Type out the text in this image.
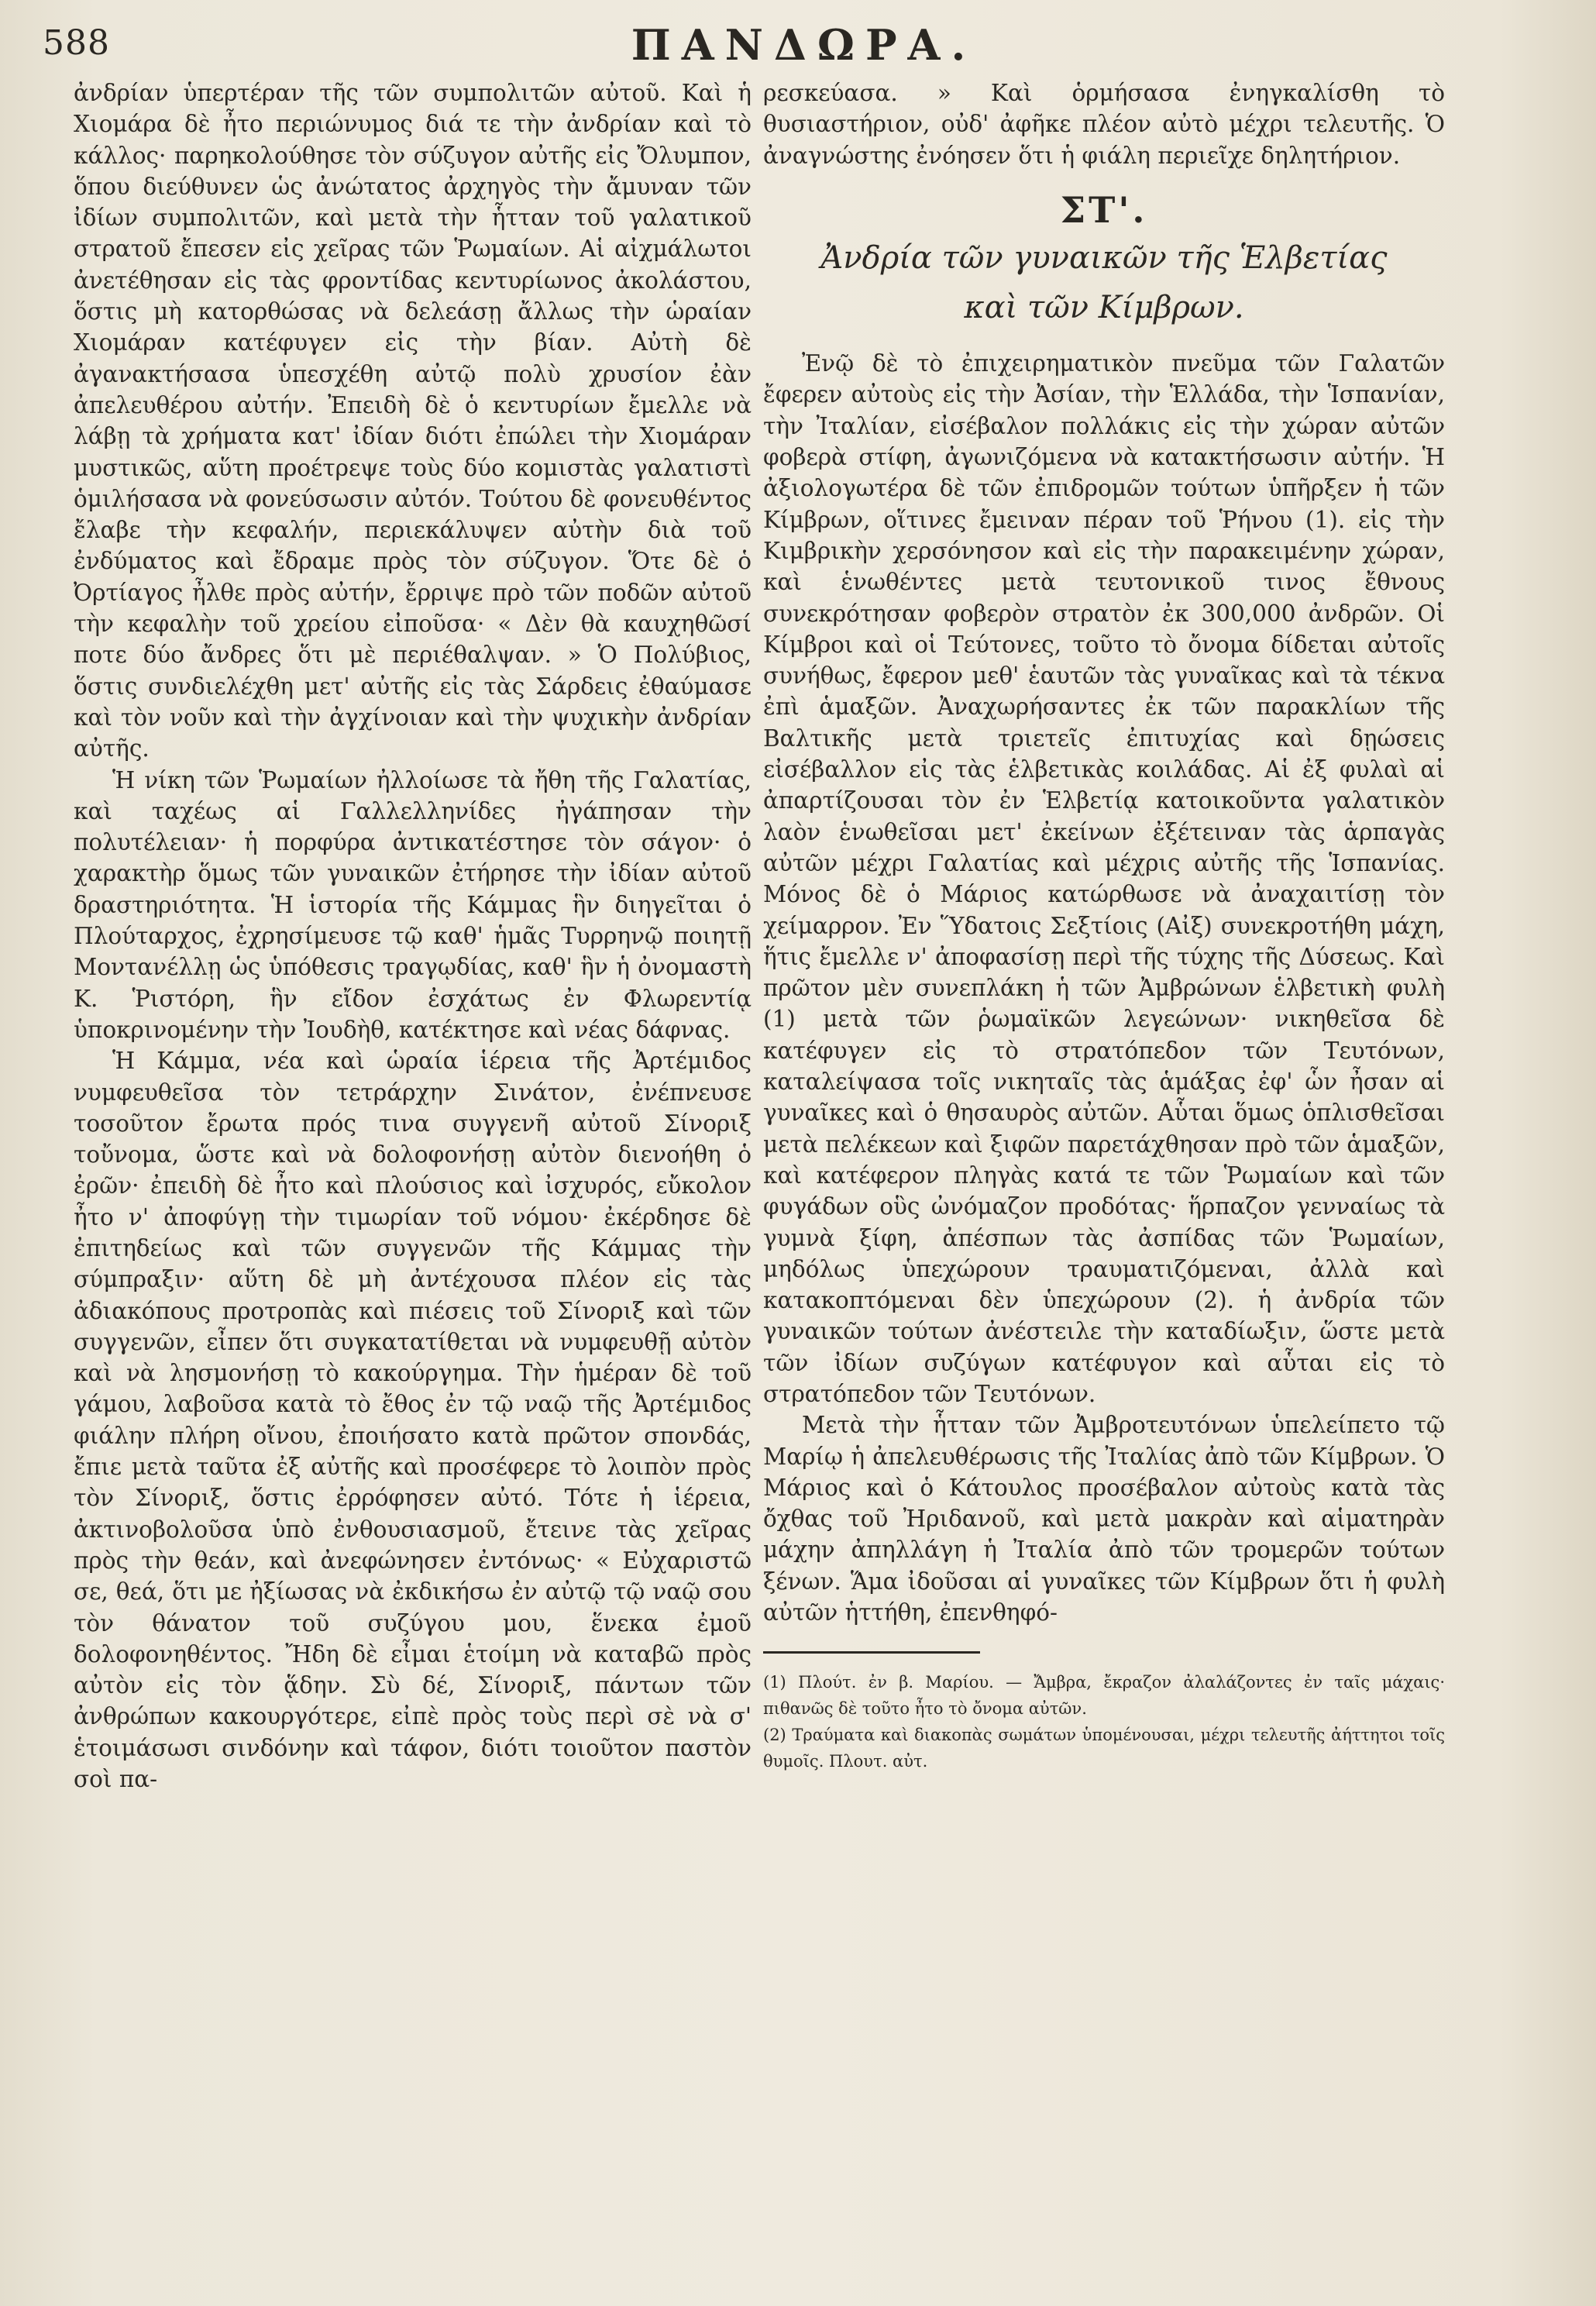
588	ΠΑΝΔΩΡΑ.

ἀνδρίαν ὑπερτέραν τῆς τῶν συμπολιτῶν αὐτοῦ. Καὶ ἡ Χιομάρα δὲ ἦτο περιώνυμος διά τε τὴν ἀνδρίαν καὶ τὸ κάλλος· παρηκολούθησε τὸν σύζυγον αὐτῆς εἰς Ὄλυμπον, ὅπου διεύθυνεν ὡς ἀνώτατος ἀρχηγὸς τὴν ἄμυναν τῶν ἰδίων συμπολιτῶν, καὶ μετὰ τὴν ἧτταν τοῦ γαλατικοῦ στρατοῦ ἔπεσεν εἰς χεῖρας τῶν Ῥωμαίων. Αἱ αἰχμάλωτοι ἀνετέθησαν εἰς τὰς φροντίδας κεντυρίωνος ἀκολάστου, ὅστις μὴ κατορθώσας νὰ δελεάσῃ ἄλλως τὴν ὡραίαν Χιομάραν κατέφυγεν εἰς τὴν βίαν. Αὐτὴ δὲ ἀγανακτήσασα ὑπεσχέθη αὐτῷ πολὺ χρυσίον ἐὰν ἀπελευθέρου αὐτήν. Ἐπειδὴ δὲ ὁ κεντυρίων ἔμελλε νὰ λάβῃ τὰ χρήματα κατ' ἰδίαν διότι ἐπώλει τὴν Χιομάραν μυστικῶς, αὕτη προέτρεψε τοὺς δύο κομιστὰς γαλατιστὶ ὁμιλήσασα νὰ φονεύσωσιν αὐτόν. Τούτου δὲ φονευθέντος ἔλαβε τὴν κεφαλήν, περιεκάλυψεν αὐτὴν διὰ τοῦ ἐνδύματος καὶ ἔδραμε πρὸς τὸν σύζυγον. Ὅτε δὲ ὁ Ὀρτίαγος ἦλθε πρὸς αὐτήν, ἔρριψε πρὸ τῶν ποδῶν αὐτοῦ τὴν κεφαλὴν τοῦ χρείου εἰποῦσα· « Δὲν θὰ καυχηθῶσί ποτε δύο ἄνδρες ὅτι μὲ περιέθαλψαν. » Ὁ Πολύβιος, ὅστις συνδιελέχθη μετ' αὐτῆς εἰς τὰς Σάρδεις ἐθαύμασε καὶ τὸν νοῦν καὶ τὴν ἀγχίνοιαν καὶ τὴν ψυχικὴν ἀνδρίαν αὐτῆς.

Ἡ νίκη τῶν Ῥωμαίων ἠλλοίωσε τὰ ἤθη τῆς Γαλατίας, καὶ ταχέως αἱ Γαλλελληνίδες ἠγάπησαν τὴν πολυτέλειαν· ἡ πορφύρα ἀντικατέστησε τὸν σάγον· ὁ χαρακτὴρ ὅμως τῶν γυναικῶν ἐτήρησε τὴν ἰδίαν αὐτοῦ δραστηριότητα. Ἡ ἱστορία τῆς Κάμμας ἣν διηγεῖται ὁ Πλούταρχος, ἐχρησίμευσε τῷ καθ' ἡμᾶς Τυρρηνῷ ποιητῇ Μοντανέλλῃ ὡς ὑπόθεσις τραγῳδίας, καθ' ἣν ἡ ὀνομαστὴ Κ. Ῥιστόρη, ἣν εἴδον ἐσχάτως ἐν Φλωρεντίᾳ ὑποκρινομένην τὴν Ἰουδὴθ, κατέκτησε καὶ νέας δάφνας.

Ἡ Κάμμα, νέα καὶ ὡραία ἱέρεια τῆς Ἀρτέμιδος νυμφευθεῖσα τὸν τετράρχην Σινάτον, ἐνέπνευσε τοσοῦτον ἔρωτα πρός τινα συγγενῆ αὐτοῦ Σίνοριξ τοὔνομα, ὥστε καὶ νὰ δολοφονήσῃ αὐτὸν διενοήθη ὁ ἐρῶν· ἐπειδὴ δὲ ἦτο καὶ πλούσιος καὶ ἰσχυρός, εὔκολον ἦτο ν' ἀποφύγῃ τὴν τιμωρίαν τοῦ νόμου· ἐκέρδησε δὲ ἐπιτηδείως καὶ τῶν συγγενῶν τῆς Κάμμας τὴν σύμπραξιν· αὕτη δὲ μὴ ἀντέχουσα πλέον εἰς τὰς ἀδιακόπους προτροπὰς καὶ πιέσεις τοῦ Σίνοριξ καὶ τῶν συγγενῶν, εἶπεν ὅτι συγκατατίθεται νὰ νυμφευθῇ αὐτὸν καὶ νὰ λησμονήσῃ τὸ κακούργημα. Τὴν ἡμέραν δὲ τοῦ γάμου, λαβοῦσα κατὰ τὸ ἔθος ἐν τῷ ναῷ τῆς Ἀρτέμιδος φιάλην πλήρη οἴνου, ἐποιήσατο κατὰ πρῶτον σπονδάς, ἔπιε μετὰ ταῦτα ἐξ αὐτῆς καὶ προσέφερε τὸ λοιπὸν πρὸς τὸν Σίνοριξ, ὅστις ἐρρόφησεν αὐτό. Τότε ἡ ἱέρεια, ἀκτινοβολοῦσα ὑπὸ ἐνθουσιασμοῦ, ἔτεινε τὰς χεῖρας πρὸς τὴν θεάν, καὶ ἀνεφώνησεν ἐντόνως· « Εὐχαριστῶ σε, θεά, ὅτι με ἠξίωσας νὰ ἐκδικήσω ἐν αὐτῷ τῷ ναῷ σου τὸν θάνατον τοῦ συζύγου μου, ἕνεκα ἐμοῦ δολοφονηθέντος. Ἤδη δὲ εἶμαι ἑτοίμη νὰ καταβῶ πρὸς αὐτὸν εἰς τὸν ᾅδην. Σὺ δέ, Σίνοριξ, πάντων τῶν ἀνθρώπων κακουργότερε, εἰπὲ πρὸς τοὺς περὶ σὲ νὰ σ' ἑτοιμάσωσι σινδόνην καὶ τάφον, διότι τοιοῦτον παστὸν σοὶ πα-

ρεσκεύασα. » Καὶ ὁρμήσασα ἐνηγκαλίσθη τὸ θυσιαστήριον, οὐδ' ἀφῆκε πλέον αὐτὸ μέχρι τελευτῆς. Ὁ ἀναγνώστης ἐνόησεν ὅτι ἡ φιάλη περιεῖχε δηλητήριον.

ΣΤ'.
Ἀνδρία τῶν γυναικῶν τῆς Ἑλβετίας
καὶ τῶν Κίμβρων.

Ἐνῷ δὲ τὸ ἐπιχειρηματικὸν πνεῦμα τῶν Γαλατῶν ἔφερεν αὐτοὺς εἰς τὴν Ἀσίαν, τὴν Ἑλλάδα, τὴν Ἱσπανίαν, τὴν Ἰταλίαν, εἰσέβαλον πολλάκις εἰς τὴν χώραν αὐτῶν φοβερὰ στίφη, ἀγωνιζόμενα νὰ κατακτήσωσιν αὐτήν. Ἡ ἀξιολογωτέρα δὲ τῶν ἐπιδρομῶν τούτων ὑπῆρξεν ἡ τῶν Κίμβρων, οἵτινες ἔμειναν πέραν τοῦ Ῥήνου (1). εἰς τὴν Κιμβρικὴν χερσόνησον καὶ εἰς τὴν παρακειμένην χώραν, καὶ ἑνωθέντες μετὰ τευτονικοῦ τινος ἔθνους συνεκρότησαν φοβερὸν στρατὸν ἐκ 300,000 ἀνδρῶν. Οἱ Κίμβροι καὶ οἱ Τεύτονες, τοῦτο τὸ ὄνομα δίδεται αὐτοῖς συνήθως, ἔφερον μεθ' ἑαυτῶν τὰς γυναῖκας καὶ τὰ τέκνα ἐπὶ ἁμαξῶν. Ἀναχωρήσαντες ἐκ τῶν παρακλίων τῆς Βαλτικῆς μετὰ τριετεῖς ἐπιτυχίας καὶ δῃώσεις εἰσέβαλλον εἰς τὰς ἑλβετικὰς κοιλάδας. Αἱ ἐξ φυλαὶ αἱ ἀπαρτίζουσαι τὸν ἐν Ἑλβετίᾳ κατοικοῦντα γαλατικὸν λαὸν ἑνωθεῖσαι μετ' ἐκείνων ἐξέτειναν τὰς ἁρπαγὰς αὐτῶν μέχρι Γαλατίας καὶ μέχρις αὐτῆς τῆς Ἱσπανίας. Μόνος δὲ ὁ Μάριος κατώρθωσε νὰ ἀναχαιτίσῃ τὸν χείμαρρον. Ἐν Ὕδατοις Σεξτίοις (Αἰξ) συνεκροτήθη μάχη, ἥτις ἔμελλε ν' ἀποφασίσῃ περὶ τῆς τύχης τῆς Δύσεως. Καὶ πρῶτον μὲν συνεπλάκη ἡ τῶν Ἀμβρώνων ἑλβετικὴ φυλὴ (1) μετὰ τῶν ῥωμαϊκῶν λεγεώνων· νικηθεῖσα δὲ κατέφυγεν εἰς τὸ στρατόπεδον τῶν Τευτόνων, καταλείψασα τοῖς νικηταῖς τὰς ἁμάξας ἐφ' ὧν ἦσαν αἱ γυναῖκες καὶ ὁ θησαυρὸς αὐτῶν. Αὗται ὅμως ὁπλισθεῖσαι μετὰ πελέκεων καὶ ξιφῶν παρετάχθησαν πρὸ τῶν ἁμαξῶν, καὶ κατέφερον πληγὰς κατά τε τῶν Ῥωμαίων καὶ τῶν φυγάδων οὓς ὠνόμαζον προδότας· ἥρπαζον γενναίως τὰ γυμνὰ ξίφη, ἀπέσπων τὰς ἀσπίδας τῶν Ῥωμαίων, μηδόλως ὑπεχώρουν τραυματιζόμεναι, ἀλλὰ καὶ κατακοπτόμεναι δὲν ὑπεχώρουν (2). ἡ ἀνδρία τῶν γυναικῶν τούτων ἀνέστειλε τὴν καταδίωξιν, ὥστε μετὰ τῶν ἰδίων συζύγων κατέφυγον καὶ αὗται εἰς τὸ στρατόπεδον τῶν Τευτόνων.

Μετὰ τὴν ἧτταν τῶν Ἀμβροτευτόνων ὑπελείπετο τῷ Μαρίῳ ἡ ἀπελευθέρωσις τῆς Ἰταλίας ἀπὸ τῶν Κίμβρων. Ὁ Μάριος καὶ ὁ Κάτουλος προσέβαλον αὐτοὺς κατὰ τὰς ὄχθας τοῦ Ἠριδανοῦ, καὶ μετὰ μακρὰν καὶ αἱματηρὰν μάχην ἀπηλλάγη ἡ Ἰταλία ἀπὸ τῶν τρομερῶν τούτων ξένων. Ἅμα ἰδοῦσαι αἱ γυναῖκες τῶν Κίμβρων ὅτι ἡ φυλὴ αὐτῶν ἡττήθη, ἐπενθηφό-

(1) Πλούτ. ἐν β. Μαρίου. — Ἄμβρα, ἔκραζον ἀλαλάζοντες ἐν ταῖς μάχαις· πιθανῶς δὲ τοῦτο ἦτο τὸ ὄνομα αὐτῶν.

(2) Τραύματα καὶ διακοπὰς σωμάτων ὑπομένουσαι, μέχρι τελευτῆς ἀήττητοι τοῖς θυμοῖς. Πλουτ. αὐτ.
